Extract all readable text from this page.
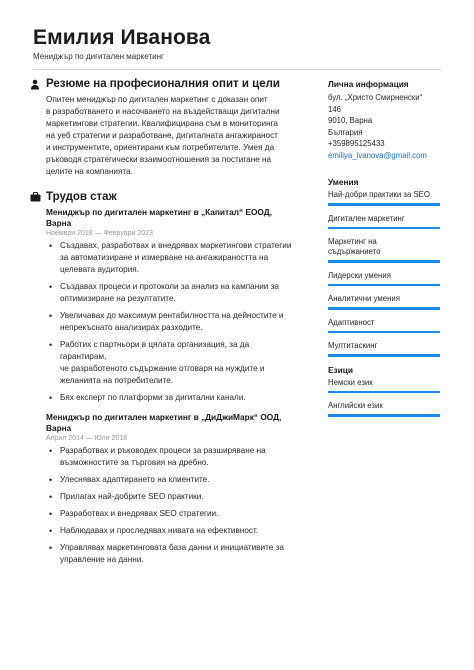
Емилия Иванова
Мениджър по дигитален маркетинг
Резюме на професионалния опит и цели
Опитен мениджър по дигитален маркетинг с доказан опит
в разработването и насочването на въздействащи дигитални
маркетингови стратегии. Квалифицирана съм в мониторинга
на уеб стратегии и разработване, дигиталната ангажираност
и инструментите, ориентирани към потребителите. Умея да
ръководя стратегически взаимоотношения за постигане на
целите на компанията.
Трудов стаж
Мениджър по дигитален маркетинг в „Капитал“ ЕООД, Варна
Ноември 2018 — Февруари 2023
• Създавах, разработвах и внедрявах маркетингови стратегии
за автоматизиране и измерване на ангажираността на
целевата аудитория.
• Създавах процеси и протоколи за анализ на кампании за
оптимизиране на резултатите.
• Увеличавах до максимум рентабилността на дейностите и
непрекъснато анализирах разходите.
• Работих с партньори в цялата организация, за да гарантирам,
че разработеното съдържание отговаря на нуждите и
желанията на потребителите.
• Бях експерт по платформи за дигитални канали.
Мениджър по дигитален маркетинг в „ДиДжиМарк“ ООД,
Варна
Април 2014 — Юли 2018
• Разработвах и ръководех процеси за разширяване на
възможностите за търговия на дребно.
• Улеснявах адаптирането на клиентите.
• Прилагах най-добрите SEO практики.
• Разработвах и внедрявах SEO стратегии.
• Наблюдавах и проследявах нивата на ефективност.
• Управлявах маркетинговата база данни и инициативите за
управление на данни.
Лична информация
бул. „Христо Смирненски“
146
9010, Варна
България
+359895125433
emiliya_ivanova@gmail.com
Умения
Най-добри практики за SEO
Дигитален маркетинг
Маркетинг на
съдържанието
Лидерски умения
Аналитични умения
Адаптивност
Мултитаскинг
Езици
Немски език
Английски език
